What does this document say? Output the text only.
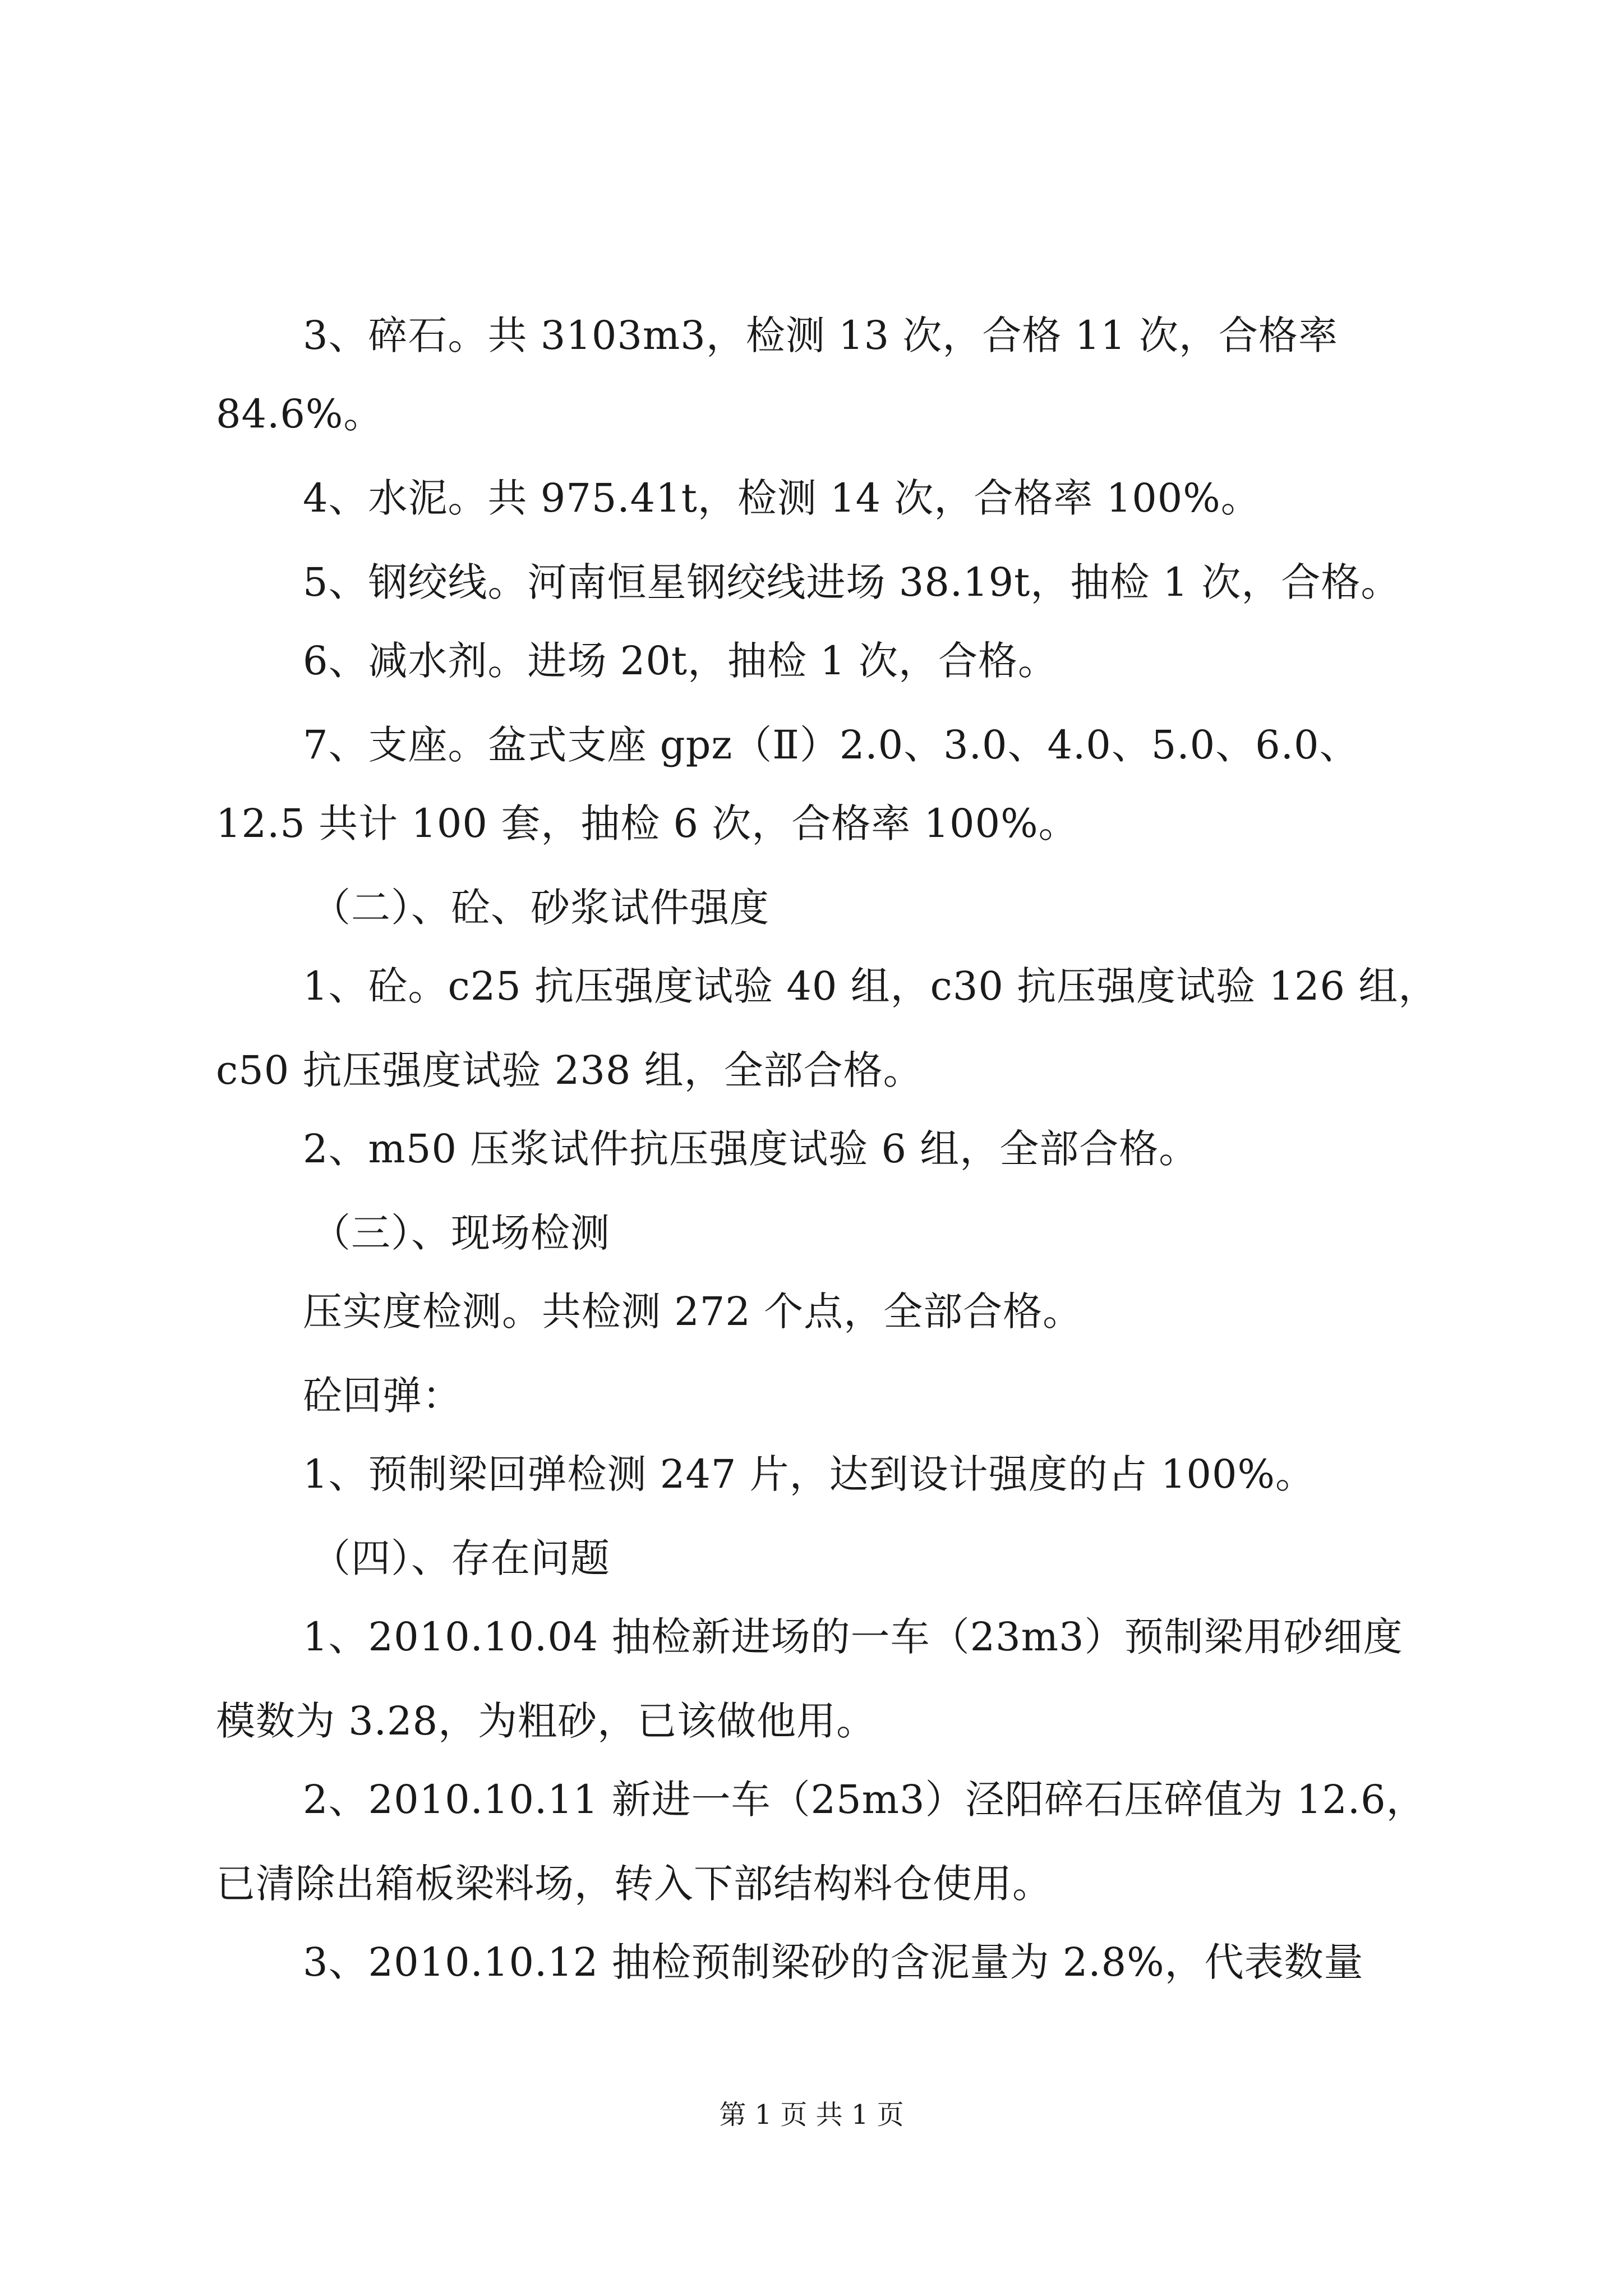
3、碎石。共 3103m3，检测 13 次，合格 11 次，合格率
84.6%。
4、水泥。共 975.41t，检测 14 次，合格率 100%。
5、钢绞线。河南恒星钢绞线进场 38.19t，抽检 1 次，合格。
6、减水剂。进场 20t，抽检 1 次，合格。
7、支座。盆式支座 gpz（Ⅱ）2.0、3.0、4.0、5.0、6.0、
12.5 共计 100 套，抽检 6 次，合格率 100%。
（二）、砼、砂浆试件强度
1、砼。c25 抗压强度试验 40 组，c30 抗压强度试验 126 组，
c50 抗压强度试验 238 组，全部合格。
2、m50 压浆试件抗压强度试验 6 组，全部合格。
（三）、现场检测
压实度检测。共检测 272 个点，全部合格。
砼回弹：
1、预制梁回弹检测 247 片，达到设计强度的占 100%。
（四）、存在问题
1、2010.10.04 抽检新进场的一车（23m3）预制梁用砂细度
模数为 3.28，为粗砂，已该做他用。
2、2010.10.11 新进一车（25m3）泾阳碎石压碎值为 12.6，
已清除出箱板梁料场，转入下部结构料仓使用。
3、2010.10.12 抽检预制梁砂的含泥量为 2.8%，代表数量
第 1 页 共 1 页
